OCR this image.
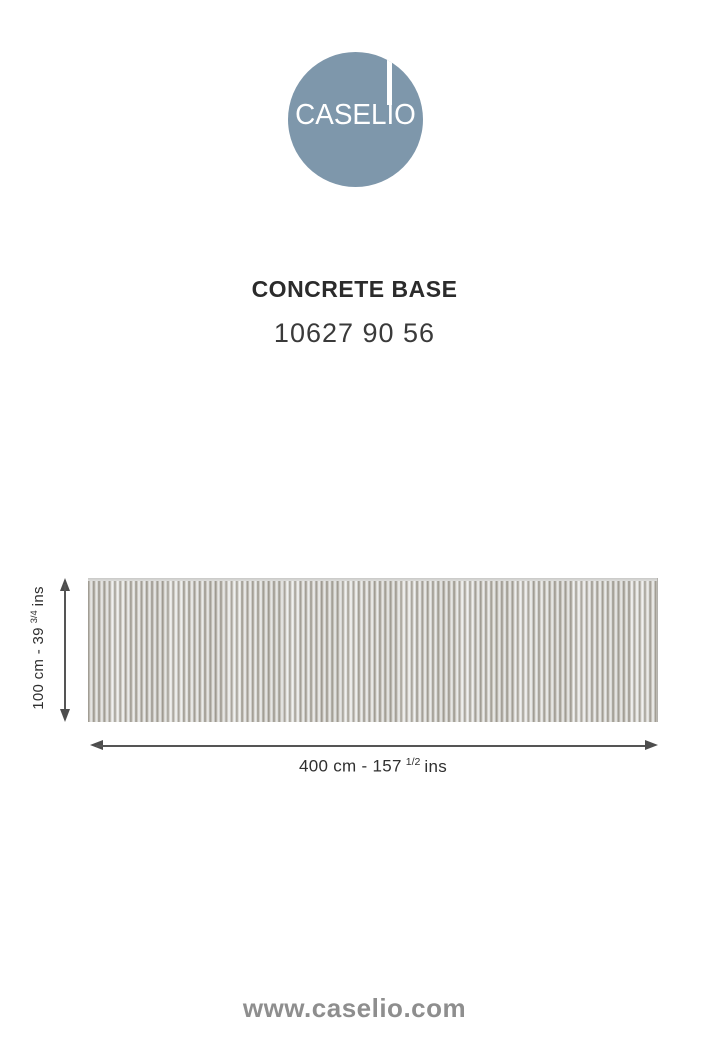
CASELIO
CONCRETE BASE
10627 90 56
100 cm - $39^{3/4}ins$
400 cm - 157 $^{1/2}$ ins
www.caselio.com
